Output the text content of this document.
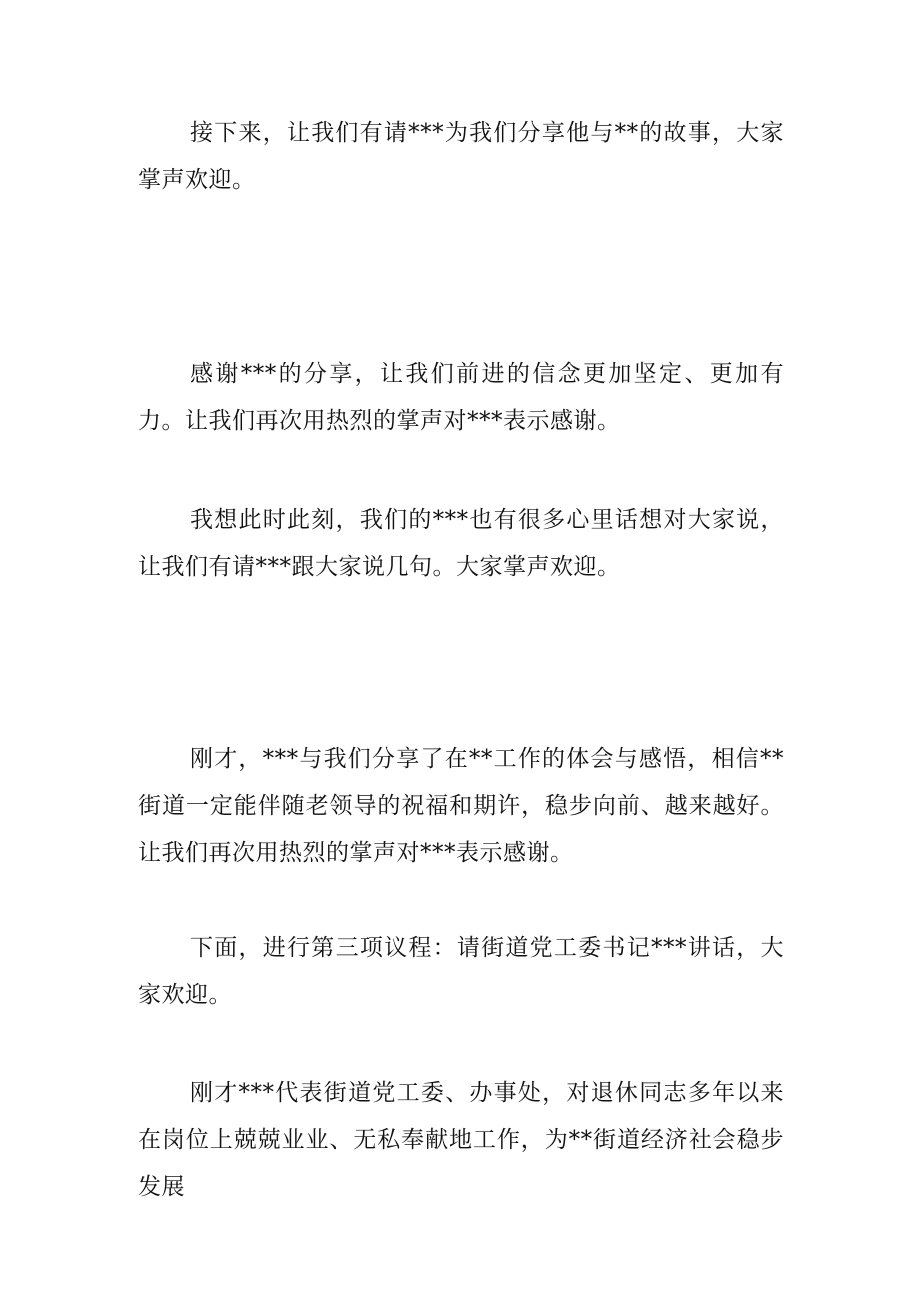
接下来，让我们有请***为我们分享他与**的故事，大家掌声欢迎。

感谢***的分享，让我们前进的信念更加坚定、更加有力。让我们再次用热烈的掌声对***表示感谢。

我想此时此刻，我们的***也有很多心里话想对大家说，让我们有请***跟大家说几句。大家掌声欢迎。

刚才，***与我们分享了在**工作的体会与感悟，相信**街道一定能伴随老领导的祝福和期许，稳步向前、越来越好。让我们再次用热烈的掌声对***表示感谢。

下面，进行第三项议程：请街道党工委书记***讲话，大家欢迎。

刚才***代表街道党工委、办事处，对退休同志多年以来在岗位上兢兢业业、无私奉献地工作，为**街道经济社会稳步发展
